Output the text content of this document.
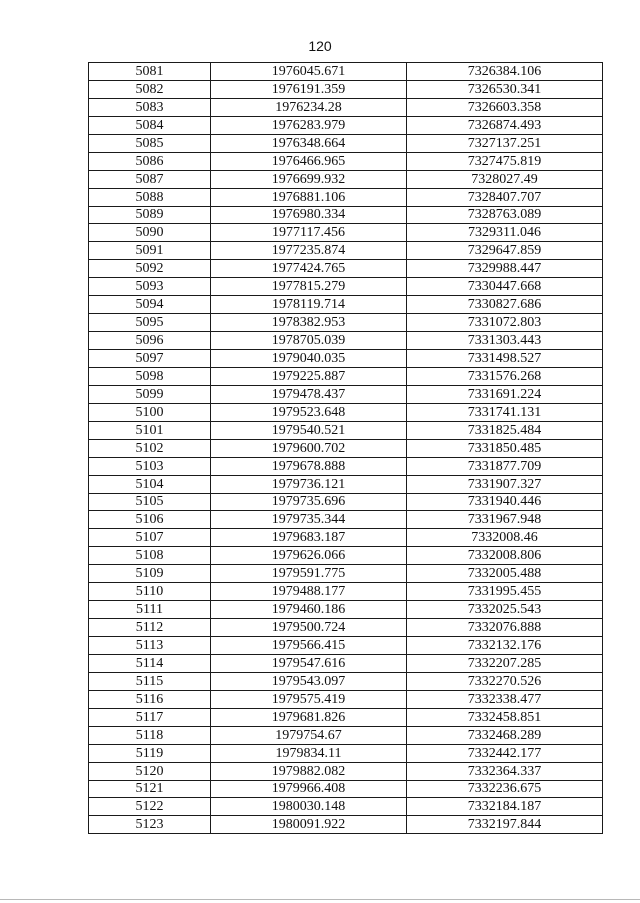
120
5081	1976045.671	7326384.106
5082	1976191.359	7326530.341
5083	1976234.28	7326603.358
5084	1976283.979	7326874.493
5085	1976348.664	7327137.251
5086	1976466.965	7327475.819
5087	1976699.932	7328027.49
5088	1976881.106	7328407.707
5089	1976980.334	7328763.089
5090	1977117.456	7329311.046
5091	1977235.874	7329647.859
5092	1977424.765	7329988.447
5093	1977815.279	7330447.668
5094	1978119.714	7330827.686
5095	1978382.953	7331072.803
5096	1978705.039	7331303.443
5097	1979040.035	7331498.527
5098	1979225.887	7331576.268
5099	1979478.437	7331691.224
5100	1979523.648	7331741.131
5101	1979540.521	7331825.484
5102	1979600.702	7331850.485
5103	1979678.888	7331877.709
5104	1979736.121	7331907.327
5105	1979735.696	7331940.446
5106	1979735.344	7331967.948
5107	1979683.187	7332008.46
5108	1979626.066	7332008.806
5109	1979591.775	7332005.488
5110	1979488.177	7331995.455
5111	1979460.186	7332025.543
5112	1979500.724	7332076.888
5113	1979566.415	7332132.176
5114	1979547.616	7332207.285
5115	1979543.097	7332270.526
5116	1979575.419	7332338.477
5117	1979681.826	7332458.851
5118	1979754.67	7332468.289
5119	1979834.11	7332442.177
5120	1979882.082	7332364.337
5121	1979966.408	7332236.675
5122	1980030.148	7332184.187
5123	1980091.922	7332197.844
